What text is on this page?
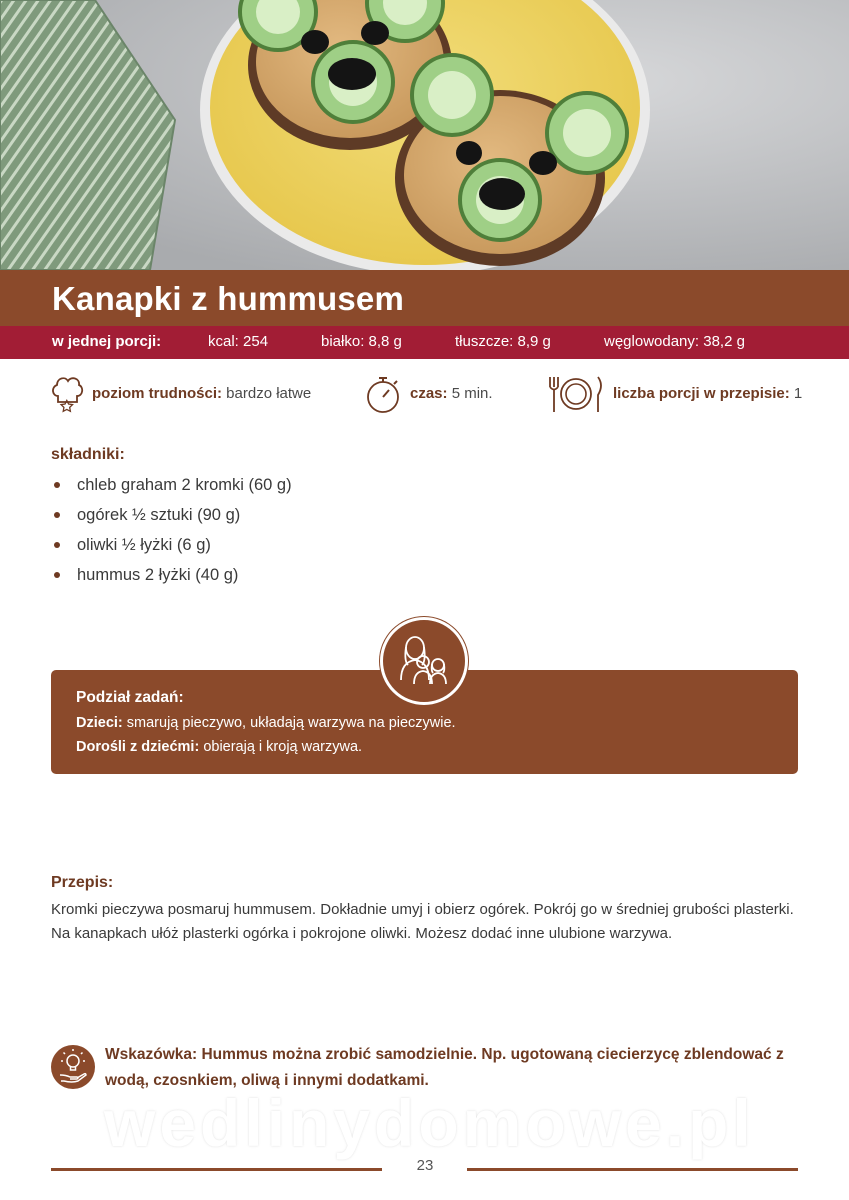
Kanapki z hummusem
w jednej porcji:	kcal: 254	białko: 8,8 g	tłuszcze: 8,9 g	węglowodany: 38,2 g
poziom trudności: bardzo łatwe	czas: 5 min.	liczba porcji w przepisie: 1
składniki:
chleb graham 2 kromki (60 g)
ogórek ½ sztuki (90 g)
oliwki ½ łyżki (6 g)
hummus 2 łyżki (40 g)
Podział zadań:
Dzieci: smarują pieczywo, układają warzywa na pieczywie.
Dorośli z dziećmi: obierają i kroją warzywa.
Przepis:
Kromki pieczywa posmaruj hummusem. Dokładnie umyj i obierz ogórek. Pokrój go w średniej grubości plasterki. Na kanapkach ułóż plasterki ogórka i pokrojone oliwki. Możesz dodać inne ulubione warzywa.
Wskazówka: Hummus można zrobić samodzielnie. Np. ugotowaną ciecierzycę zblendować z wodą, czosnkiem, oliwą i innymi dodatkami.
wedlinydomowe.pl
23
